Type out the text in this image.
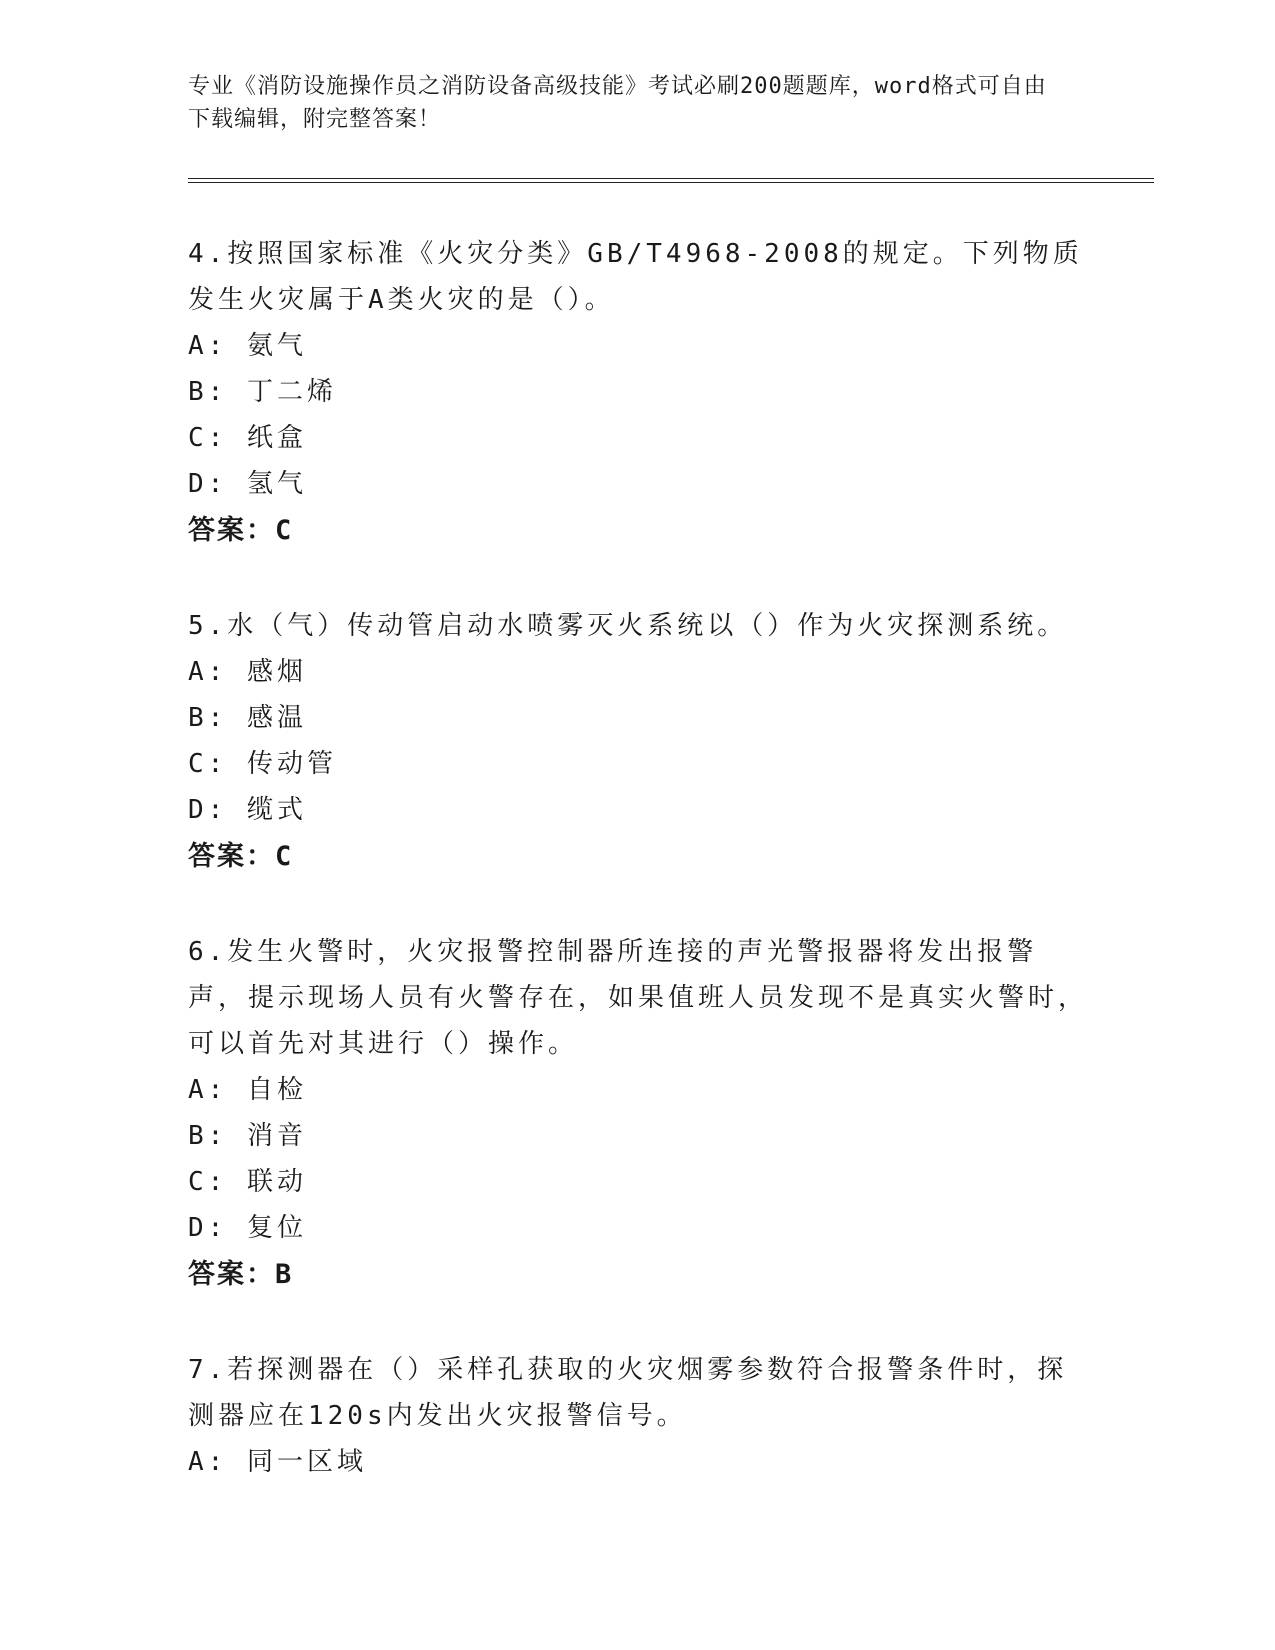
专业《消防设施操作员之消防设备高级技能》考试必刷200题题库，word格式可自由下载编辑，附完整答案！

4.按照国家标准《火灾分类》GB/T4968-2008的规定。下列物质发生火灾属于A类火灾的是（）。

A: 氨气

B: 丁二烯

C: 纸盒

D: 氢气

答案：C

5.水（气）传动管启动水喷雾灭火系统以（）作为火灾探测系统。

A: 感烟

B: 感温

C: 传动管

D: 缆式

答案：C

6.发生火警时，火灾报警控制器所连接的声光警报器将发出报警声，提示现场人员有火警存在，如果值班人员发现不是真实火警时，可以首先对其进行（）操作。

A: 自检

B: 消音

C: 联动

D: 复位

答案：B

7.若探测器在（）采样孔获取的火灾烟雾参数符合报警条件时，探测器应在120s内发出火灾报警信号。

A: 同一区域
